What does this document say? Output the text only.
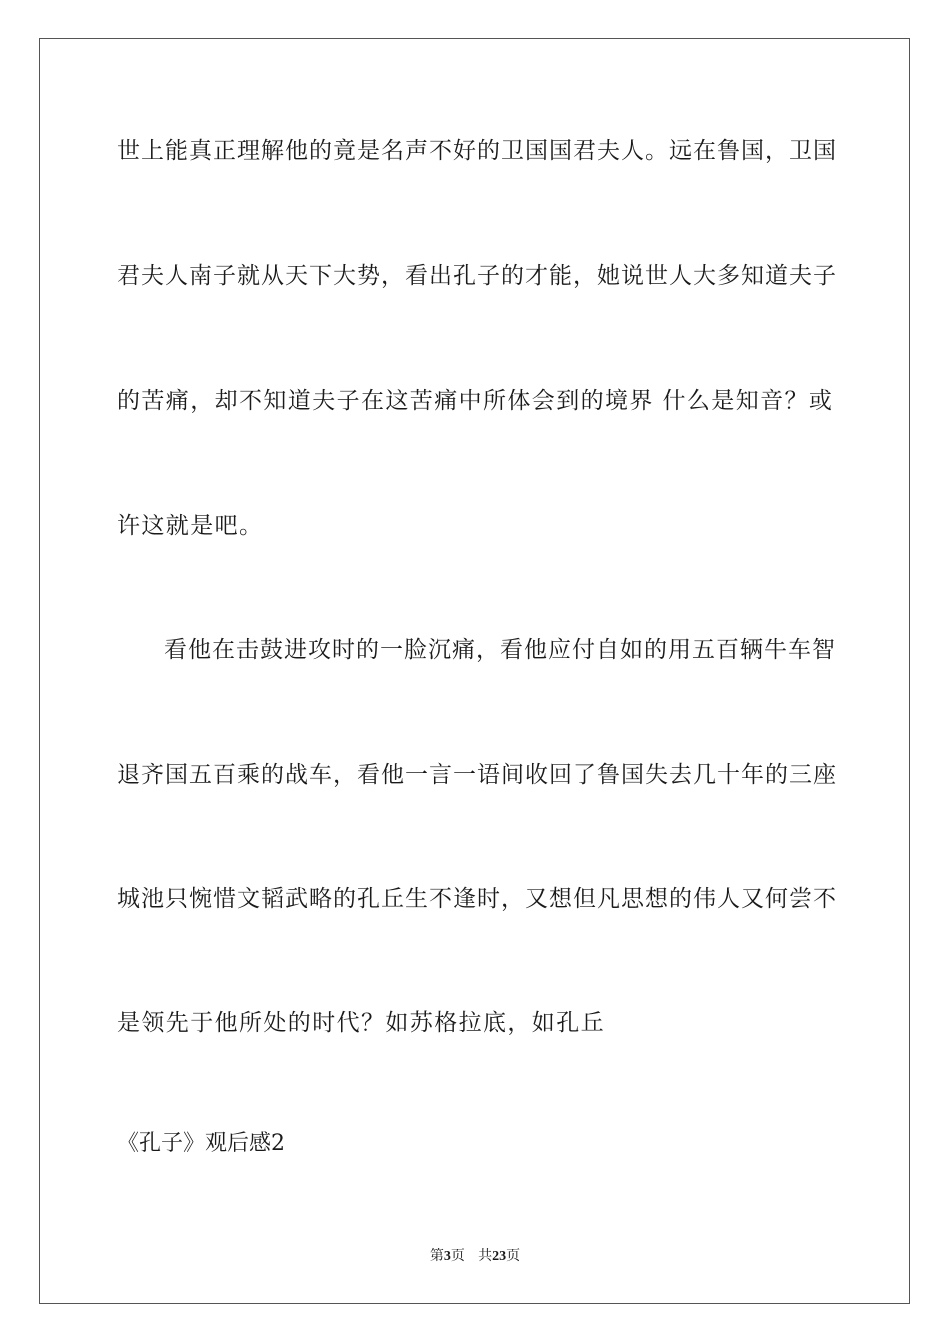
世上能真正理解他的竟是名声不好的卫国国君夫人。远在鲁国，卫国
君夫人南子就从天下大势，看出孔子的才能，她说世人大多知道夫子
的苦痛，却不知道夫子在这苦痛中所体会到的境界 什么是知音？或
许这就是吧。
看他在击鼓进攻时的一脸沉痛，看他应付自如的用五百辆牛车智
退齐国五百乘的战车，看他一言一语间收回了鲁国失去几十年的三座
城池只惋惜文韬武略的孔丘生不逢时，又想但凡思想的伟人又何尝不
是领先于他所处的时代？如苏格拉底，如孔丘
《孔子》观后感2
第3页 共23页
